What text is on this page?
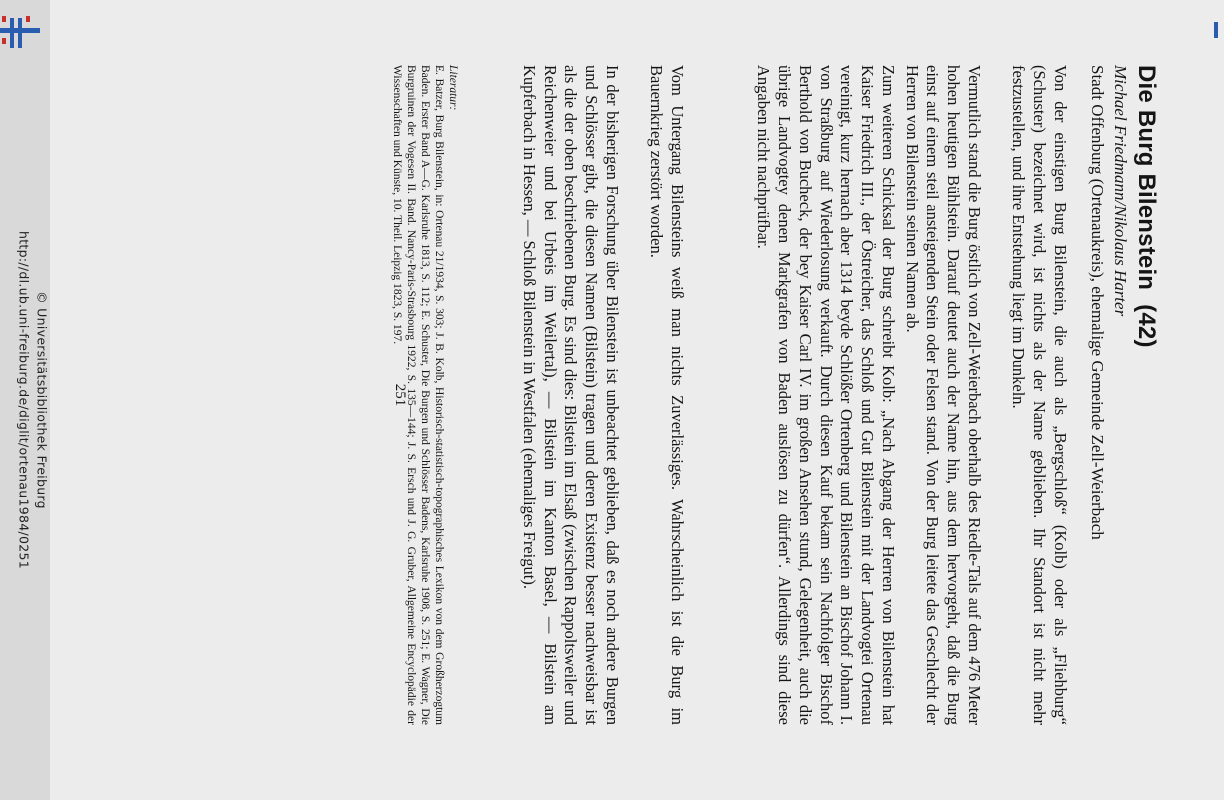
http://dl.ub.uni-freiburg.de/diglit/ortenau1984/0251 © Universitätsbibliothek Freiburg
Die Burg Bilenstein(42)
Michael Friedmann/Nikolaus Harter
Stadt Offenburg (Ortenaukreis), ehemalige Gemeinde Zell-Weierbach

Von der einstigen Burg Bilenstein, die auch als „Bergschloß“ (Kolb) oder als „Fliehburg“ (Schuster) bezeichnet wird, ist nichts als der Name geblieben. Ihr Standort ist nicht mehr festzustellen, und ihre Entstehung liegt im Dunkeln.

Vermutlich stand die Burg östlich von Zell-Weierbach oberhalb des Riedle-Tals auf dem 476 Meter hohen heutigen Bühlstein. Darauf deutet auch der Name hin, aus dem hervorgeht, daß die Burg einst auf einem steil ansteigenden Stein oder Felsen stand. Von der Burg leitete das Geschlecht der Herren von Bilenstein seinen Namen ab.

Zum weiteren Schicksal der Burg schreibt Kolb: „Nach Abgang der Herren von Bilenstein hat Kaiser Friedrich III., der Östreicher, das Schloß und Gut Bilenstein mit der Landvogtei Ortenau vereinigt, kurz hernach aber 1314 beyde Schlößer Ortenberg und Bilenstein an Bischof Johann I. von Straßburg auf Wiederlosung verkauft. Durch diesen Kauf bekam sein Nachfolger Bischof Berthold von Bucheck, der bey Kaiser Carl IV. im großen Ansehen stund, Gelegenheit, auch die übrige Landvogtey denen Markgrafen von Baden auslösen zu dürfen“. Allerdings sind diese Angaben nicht nachprüfbar.

Vom Untergang Bilensteins weiß man nichts Zuverlässiges. Wahrscheinlich ist die Burg im Bauernkrieg zerstört worden.

In der bisherigen Forschung über Bilenstein ist unbeachtet geblieben, daß es noch andere Burgen und Schlösser gibt, die diesen Namen (Bilstein) tragen und deren Existenz besser nachweisbar ist als die der oben beschriebenen Burg. Es sind dies: Bilstein im Elsaß (zwischen Rappoltsweiler und Reichenweier und bei Urbeis im Weilertal), — Bilstein im Kanton Basel, — Bilstein am Kupferbach in Hessen, — Schloß Bilenstein in Westfalen (ehemaliges Freigut).

Literatur:
E. Batzer, Burg Bilenstein, in: Ortenau 21/1934, S. 303; J. B. Kolb, Historisch-statistisch-topographisches Lexikon von dem Großherzogtum Baden. Erster Band A—G. Karlsruhe 1813, S. 112; E. Schuster, Die Burgen und Schlösser Badens, Karlsruhe 1908, S. 251; E. Wagner, Die Burgruinen der Vogesen II. Band. Nancy-Paris-Strasbourg 1922, S. 135—144; J. S. Ersch und J. G. Gruber, Allgemeine Encyclopädie der Wissenschaften und Künste, 10. Theil. Leipzig 1823, S. 197.
251
